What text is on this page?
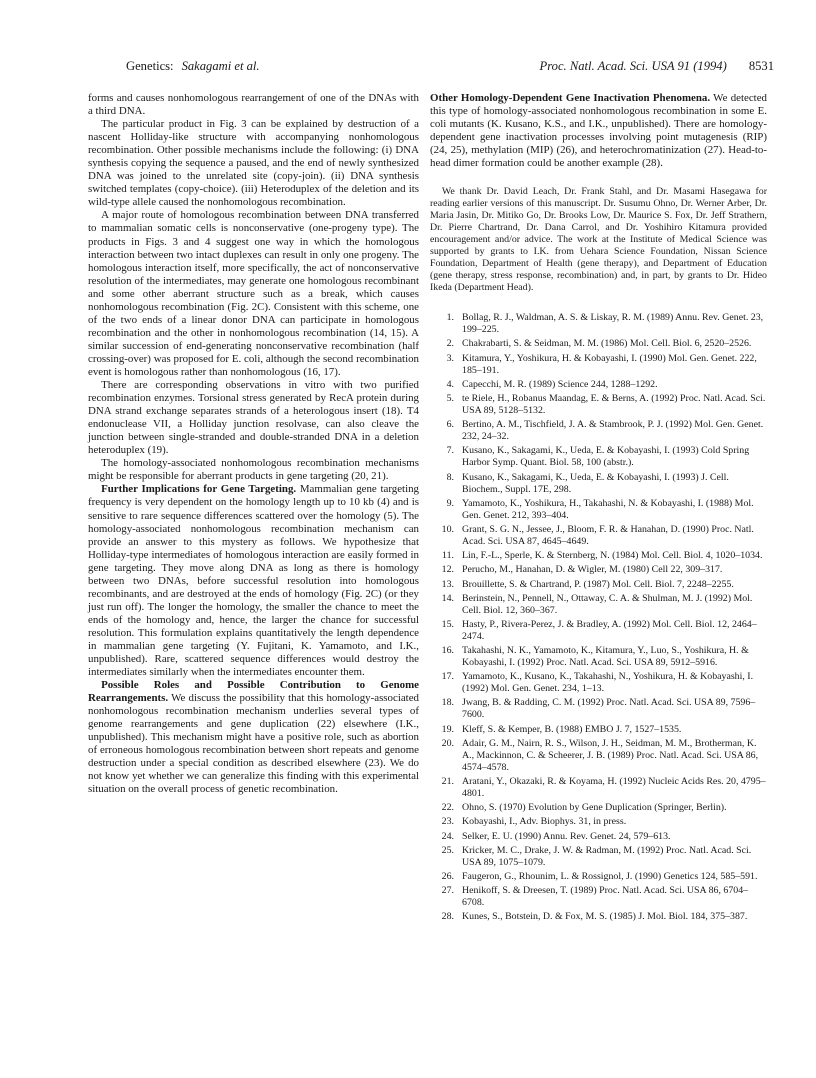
Genetics: Sakagami et al.	Proc. Natl. Acad. Sci. USA 91 (1994) 8531

forms and causes nonhomologous rearrangement of one of the DNAs with a third DNA.

The particular product in Fig. 3 can be explained by destruction of a nascent Holliday-like structure with accompanying nonhomologous recombination. Other possible mechanisms include the following: (i) DNA synthesis copying the sequence a paused, and the end of newly synthesized DNA was joined to the unrelated site (copy-join). (ii) DNA synthesis switched templates (copy-choice). (iii) Heteroduplex of the deletion and its wild-type allele caused the nonhomologous recombination.

A major route of homologous recombination between DNA transferred to mammalian somatic cells is nonconservative (one-progeny type). The products in Figs. 3 and 4 suggest one way in which the homologous interaction between two intact duplexes can result in only one progeny. The homologous interaction itself, more specifically, the act of nonconservative resolution of the intermediates, may generate one homologous recombinant and some other aberrant structure such as a break, which causes nonhomologous recombination (Fig. 2C). Consistent with this scheme, one of the two ends of a linear donor DNA can participate in homologous recombination and the other in nonhomologous recombination (14, 15). A similar succession of end-generating nonconservative recombination (half crossing-over) was proposed for E. coli, although the second recombination event is homologous rather than nonhomologous (16, 17).

There are corresponding observations in vitro with two purified recombination enzymes. Torsional stress generated by RecA protein during DNA strand exchange separates strands of a heterologous insert (18). T4 endonuclease VII, a Holliday junction resolvase, can also cleave the junction between single-stranded and double-stranded DNA in a deletion heteroduplex (19).

The homology-associated nonhomologous recombination mechanisms might be responsible for aberrant products in gene targeting (20, 21).

Further Implications for Gene Targeting. Mammalian gene targeting frequency is very dependent on the homology length up to 10 kb (4) and is sensitive to rare sequence differences scattered over the homology (5). The homology-associated nonhomologous recombination mechanism can provide an answer to this mystery as follows. We hypothesize that Holliday-type intermediates of homologous interaction are easily formed in gene targeting. They move along DNA as long as there is homology between two DNAs, before successful resolution into homologous recombinants, and are destroyed at the ends of homology (Fig. 2C) (or they just run off). The longer the homology, the smaller the chance to meet the ends of the homology and, hence, the larger the chance for successful resolution. This formulation explains quantitatively the length dependence in mammalian gene targeting (Y. Fujitani, K. Yamamoto, and I.K., unpublished). Rare, scattered sequence differences would destroy the intermediates similarly when the intermediates encounter them.

Possible Roles and Possible Contribution to Genome Rearrangements. We discuss the possibility that this homology-associated nonhomologous recombination mechanism underlies several types of genome rearrangements and gene duplication (22) elsewhere (I.K., unpublished). This mechanism might have a positive role, such as abortion of erroneous homologous recombination between short repeats and genome destruction under a special condition as described elsewhere (23). We do not know yet whether we can generalize this finding with this experimental situation on the overall process of genetic recombination.

Other Homology-Dependent Gene Inactivation Phenomena. We detected this type of homology-associated nonhomologous recombination in some E. coli mutants (K. Kusano, K.S., and I.K., unpublished). There are homology-dependent gene inactivation processes involving point mutagenesis (RIP) (24, 25), methylation (MIP) (26), and heterochromatinization (27). Head-to-head dimer formation could be another example (28).

We thank Dr. David Leach, Dr. Frank Stahl, and Dr. Masami Hasegawa for reading earlier versions of this manuscript. Dr. Susumu Ohno, Dr. Werner Arber, Dr. Maria Jasin, Dr. Mitiko Go, Dr. Brooks Low, Dr. Maurice S. Fox, Dr. Jeff Strathern, Dr. Pierre Chartrand, Dr. Dana Carrol, and Dr. Yoshihiro Kitamura provided encouragement and/or advice. The work at the Institute of Medical Science was supported by grants to I.K. from Uehara Science Foundation, Nissan Science Foundation, Department of Health (gene therapy), and Department of Education (gene therapy, stress response, recombination) and, in part, by grants to Dr. Hideo Ikeda (Department Head).

1. Bollag, R. J., Waldman, A. S. & Liskay, R. M. (1989) Annu. Rev. Genet. 23, 199–225.
2. Chakrabarti, S. & Seidman, M. M. (1986) Mol. Cell. Biol. 6, 2520–2526.
3. Kitamura, Y., Yoshikura, H. & Kobayashi, I. (1990) Mol. Gen. Genet. 222, 185–191.
4. Capecchi, M. R. (1989) Science 244, 1288–1292.
5. te Riele, H., Robanus Maandag, E. & Berns, A. (1992) Proc. Natl. Acad. Sci. USA 89, 5128–5132.
6. Bertino, A. M., Tischfield, J. A. & Stambrook, P. J. (1992) Mol. Gen. Genet. 232, 24–32.
7. Kusano, K., Sakagami, K., Ueda, E. & Kobayashi, I. (1993) Cold Spring Harbor Symp. Quant. Biol. 58, 100 (abstr.).
8. Kusano, K., Sakagami, K., Ueda, E. & Kobayashi, I. (1993) J. Cell. Biochem., Suppl. 17E, 298.
9. Yamamoto, K., Yoshikura, H., Takahashi, N. & Kobayashi, I. (1988) Mol. Gen. Genet. 212, 393–404.
10. Grant, S. G. N., Jessee, J., Bloom, F. R. & Hanahan, D. (1990) Proc. Natl. Acad. Sci. USA 87, 4645–4649.
11. Lin, F.-L., Sperle, K. & Sternberg, N. (1984) Mol. Cell. Biol. 4, 1020–1034.
12. Perucho, M., Hanahan, D. & Wigler, M. (1980) Cell 22, 309–317.
13. Brouillette, S. & Chartrand, P. (1987) Mol. Cell. Biol. 7, 2248–2255.
14. Berinstein, N., Pennell, N., Ottaway, C. A. & Shulman, M. J. (1992) Mol. Cell. Biol. 12, 360–367.
15. Hasty, P., Rivera-Perez, J. & Bradley, A. (1992) Mol. Cell. Biol. 12, 2464–2474.
16. Takahashi, N. K., Yamamoto, K., Kitamura, Y., Luo, S., Yoshikura, H. & Kobayashi, I. (1992) Proc. Natl. Acad. Sci. USA 89, 5912–5916.
17. Yamamoto, K., Kusano, K., Takahashi, N., Yoshikura, H. & Kobayashi, I. (1992) Mol. Gen. Genet. 234, 1–13.
18. Jwang, B. & Radding, C. M. (1992) Proc. Natl. Acad. Sci. USA 89, 7596–7600.
19. Kleff, S. & Kemper, B. (1988) EMBO J. 7, 1527–1535.
20. Adair, G. M., Nairn, R. S., Wilson, J. H., Seidman, M. M., Brotherman, K. A., Mackinnon, C. & Scheerer, J. B. (1989) Proc. Natl. Acad. Sci. USA 86, 4574–4578.
21. Aratani, Y., Okazaki, R. & Koyama, H. (1992) Nucleic Acids Res. 20, 4795–4801.
22. Ohno, S. (1970) Evolution by Gene Duplication (Springer, Berlin).
23. Kobayashi, I., Adv. Biophys. 31, in press.
24. Selker, E. U. (1990) Annu. Rev. Genet. 24, 579–613.
25. Kricker, M. C., Drake, J. W. & Radman, M. (1992) Proc. Natl. Acad. Sci. USA 89, 1075–1079.
26. Faugeron, G., Rhounim, L. & Rossignol, J. (1990) Genetics 124, 585–591.
27. Henikoff, S. & Dreesen, T. (1989) Proc. Natl. Acad. Sci. USA 86, 6704–6708.
28. Kunes, S., Botstein, D. & Fox, M. S. (1985) J. Mol. Biol. 184, 375–387.
